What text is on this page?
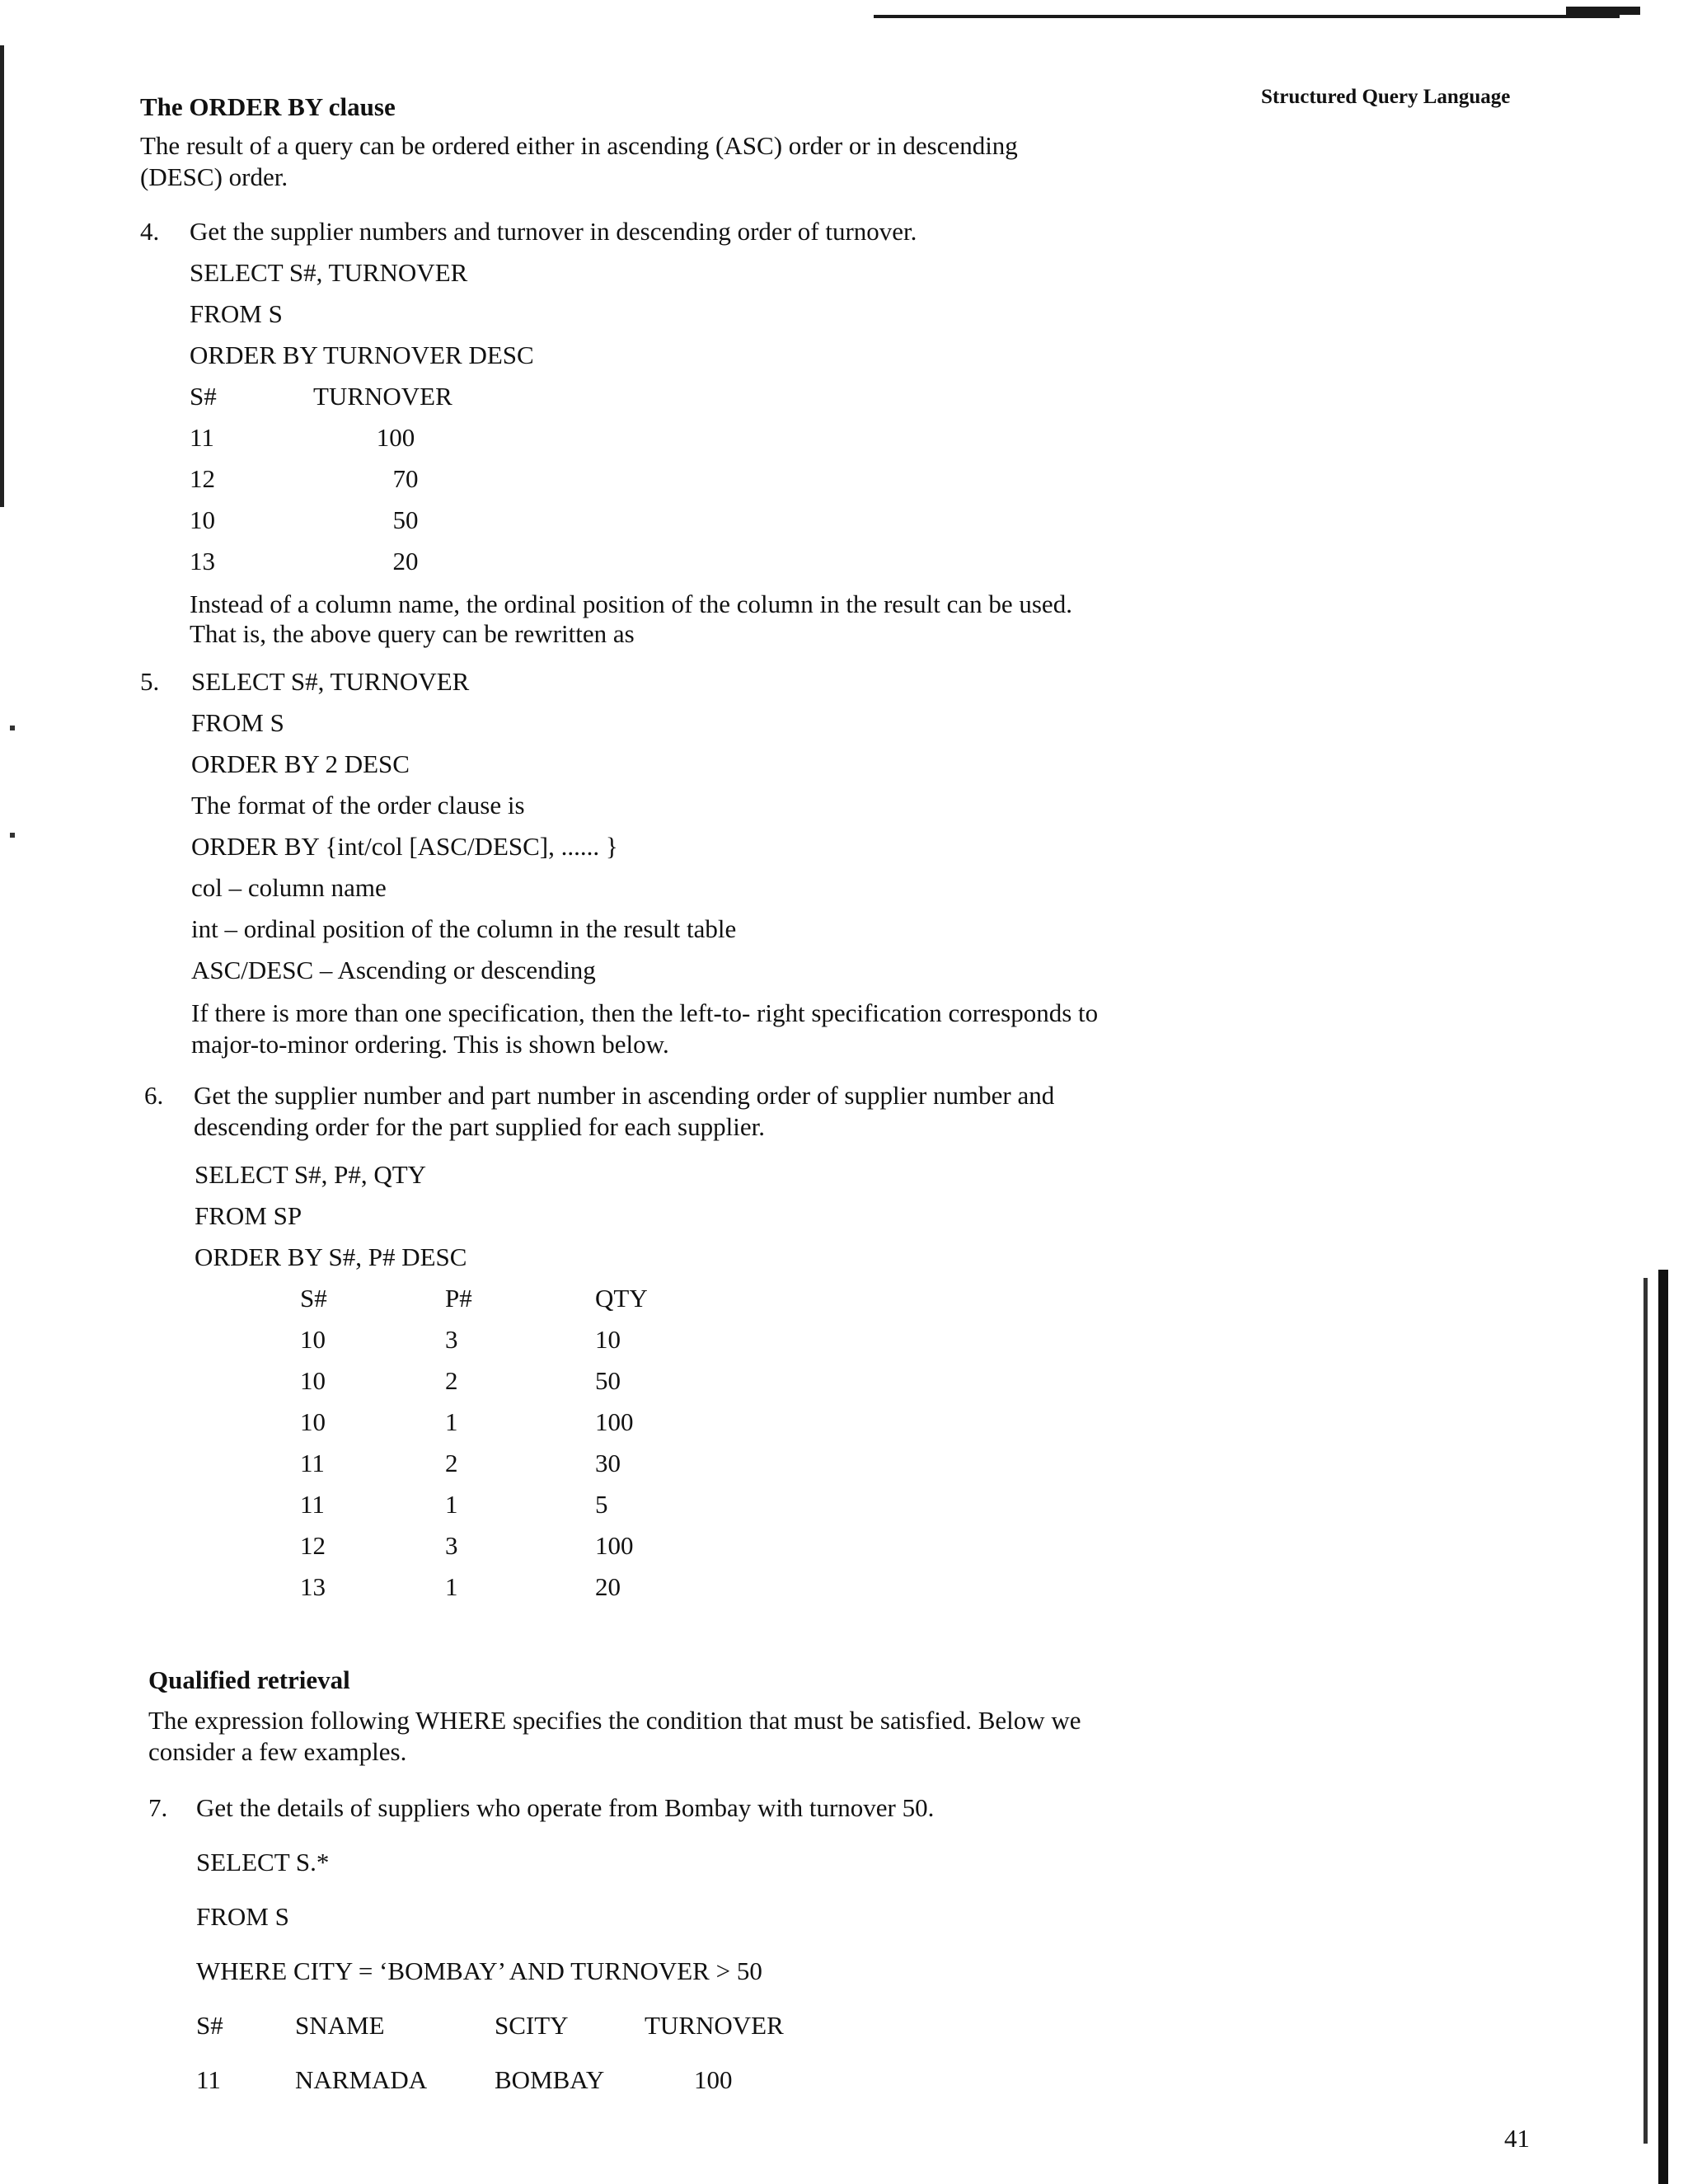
Structured Query Language
The ORDER BY clause
The result of a query can be ordered either in ascending (ASC) order or in descending
(DESC) order.
4. Get the supplier numbers and turnover in descending order of turnover.
SELECT S#, TURNOVER
FROM S
ORDER BY TURNOVER DESC
S#	TURNOVER
11	100
12	70
10	50
13	20
Instead of a column name, the ordinal position of the column in the result can be used.
That is, the above query can be rewritten as
5. SELECT S#, TURNOVER
FROM S
ORDER BY 2 DESC
The format of the order clause is
ORDER BY {int/col [ASC/DESC], ...... }
col – column name
int – ordinal position of the column in the result table
ASC/DESC – Ascending or descending
If there is more than one specification, then the left-to- right specification corresponds to
major-to-minor ordering. This is shown below.
6. Get the supplier number and part number in ascending order of supplier number and
descending order for the part supplied for each supplier.
SELECT S#, P#, QTY
FROM SP
ORDER BY S#, P# DESC
S#	P#	QTY
10	3	10
10	2	50
10	1	100
11	2	30
11	1	5
12	3	100
13	1	20
Qualified retrieval
The expression following WHERE specifies the condition that must be satisfied. Below we
consider a few examples.
7. Get the details of suppliers who operate from Bombay with turnover 50.
SELECT S.*
FROM S
WHERE CITY = ‘BOMBAY’ AND TURNOVER > 50
S#	SNAME	SCITY	TURNOVER
11	NARMADA	BOMBAY	100
41
